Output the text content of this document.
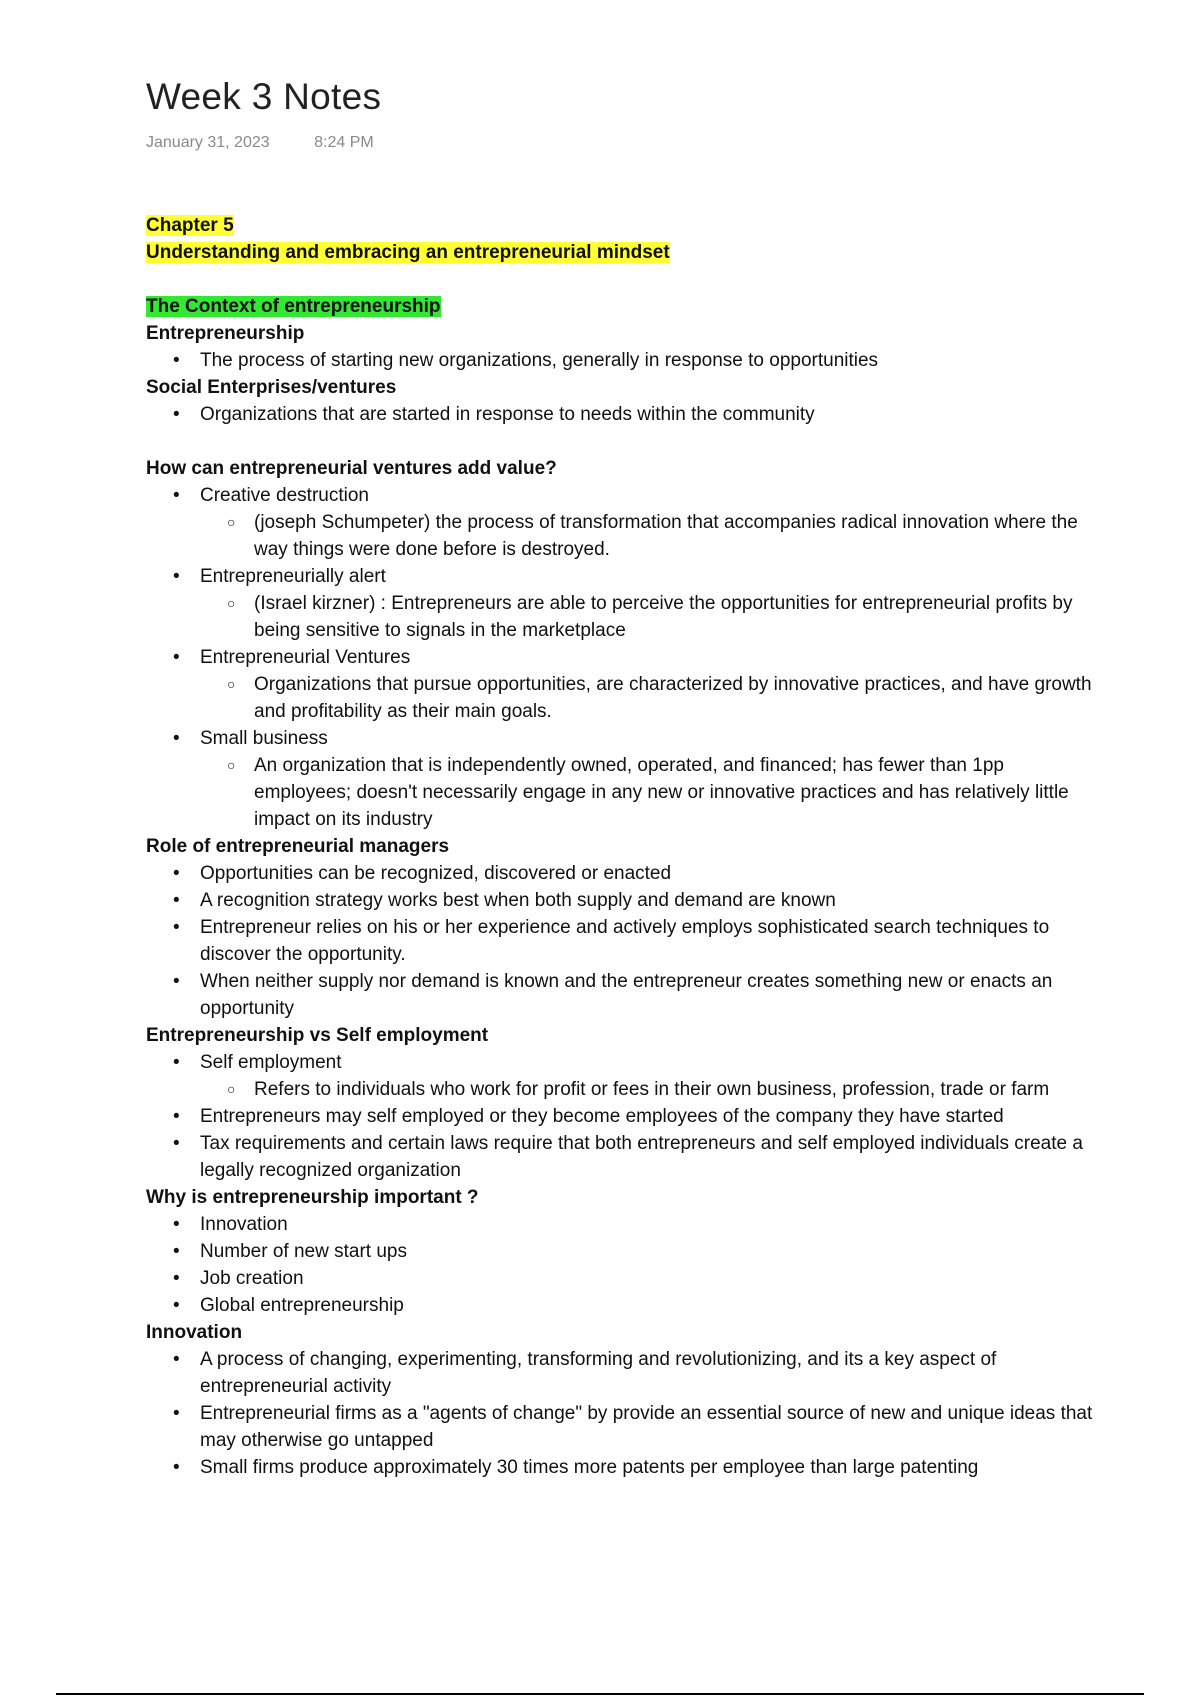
Week 3 Notes
January 31, 2023	8:24 PM
Chapter 5
Understanding and embracing an entrepreneurial mindset
The Context of entrepreneurship
Entrepreneurship
• The process of starting new organizations, generally in response to opportunities
Social Enterprises/ventures
• Organizations that are started in response to needs within the community
How can entrepreneurial ventures add value?
• Creative destruction
○ (joseph Schumpeter) the process of transformation that accompanies radical innovation where the way things were done before is destroyed.
• Entrepreneurially alert
○ (Israel kirzner) : Entrepreneurs are able to perceive the opportunities for entrepreneurial profits by being sensitive to signals in the marketplace
• Entrepreneurial Ventures
○ Organizations that pursue opportunities, are characterized by innovative practices, and have growth and profitability as their main goals.
• Small business
○ An organization that is independently owned, operated, and financed; has fewer than 1pp employees; doesn't necessarily engage in any new or innovative practices and has relatively little impact on its industry
Role of entrepreneurial managers
• Opportunities can be recognized, discovered or enacted
• A recognition strategy works best when both supply and demand are known
• Entrepreneur relies on his or her experience and actively employs sophisticated search techniques to discover the opportunity.
• When neither supply nor demand is known and the entrepreneur creates something new or enacts an opportunity
Entrepreneurship vs Self employment
• Self employment
○ Refers to individuals who work for profit or fees in their own business, profession, trade or farm
• Entrepreneurs may self employed or they become employees of the company they have started
• Tax requirements and certain laws require that both entrepreneurs and self employed individuals create a legally recognized organization
Why is entrepreneurship important ?
• Innovation
• Number of new start ups
• Job creation
• Global entrepreneurship
Innovation
• A process of changing, experimenting, transforming and revolutionizing, and its a key aspect of entrepreneurial activity
• Entrepreneurial firms as a "agents of change" by provide an essential source of new and unique ideas that may otherwise go untapped
• Small firms produce approximately 30 times more patents per employee than large patenting
